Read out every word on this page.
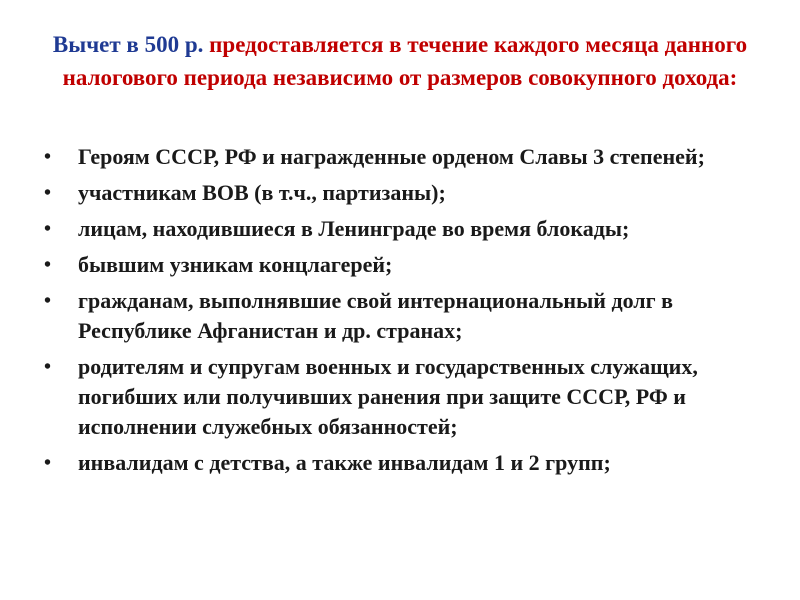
Вычет в 500 р. предоставляется в течение каждого месяца данного налогового периода независимо от размеров совокупного дохода:
• Героям СССР, РФ и награжденные орденом Славы 3 степеней;
• участникам ВОВ (в т.ч., партизаны);
• лицам, находившиеся в Ленинграде во время блокады;
• бывшим узникам концлагерей;
• гражданам, выполнявшие свой интернациональный долг в Республике Афганистан и др. странах;
• родителям и супругам военных и государственных служащих, погибших или получивших ранения при защите СССР, РФ и исполнении служебных обязанностей;
• инвалидам с детства, а также инвалидам 1 и 2 групп;
